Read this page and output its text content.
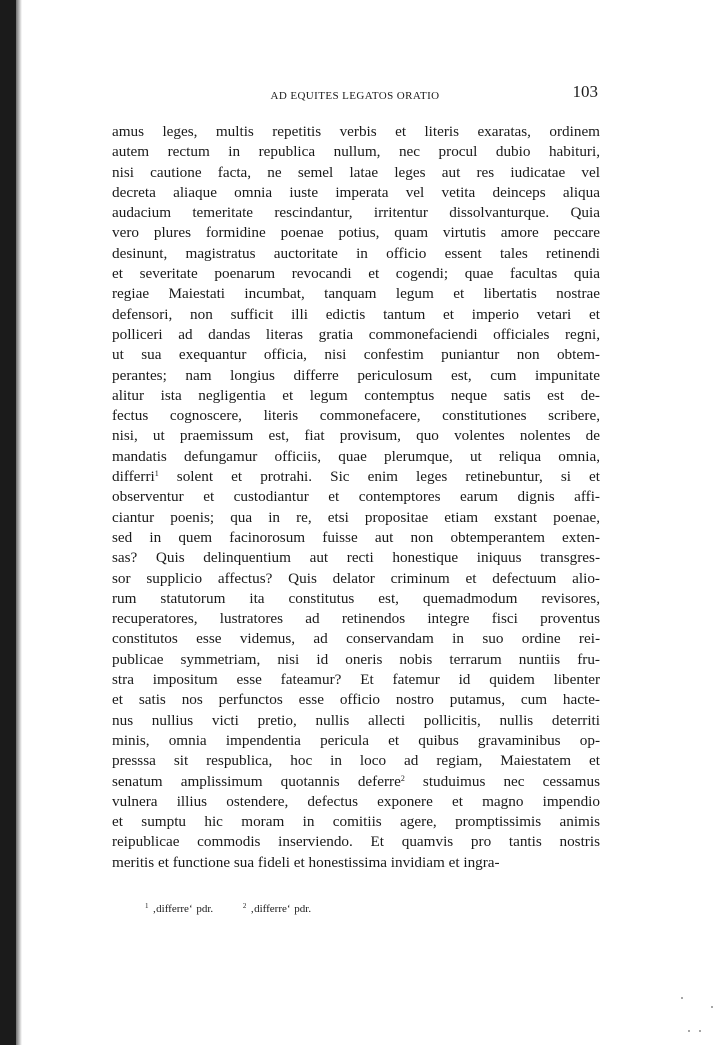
AD EQUITES LEGATOS ORATIO	103
amus leges, multis repetitis verbis et literis exaratas, ordinem
autem rectum in republica nullum, nec procul dubio habituri,
nisi cautione facta, ne semel latae leges aut res iudicatae vel
decreta aliaque omnia iuste imperata vel vetita deinceps aliqua
audacium temeritate rescindantur, irritentur dissolvanturque. Quia
vero plures formidine poenae potius, quam virtutis amore peccare
desinunt, magistratus auctoritate in officio essent tales retinendi
et severitate poenarum revocandi et cogendi; quae facultas quia
regiae Maiestati incumbat, tanquam legum et libertatis nostrae
defensori, non sufficit illi edictis tantum et imperio vetari et
polliceri ad dandas literas gratia commonefaciendi officiales regni,
ut sua exequantur officia, nisi confestim puniantur non obtem-
perantes; nam longius differre periculosum est, cum impunitate
alitur ista negligentia et legum contemptus neque satis est de-
fectus cognoscere, literis commonefacere, constitutiones scribere,
nisi, ut praemissum est, fiat provisum, quo volentes nolentes de
mandatis defungamur officiis, quae plerumque, ut reliqua omnia,
differri$^1$ solent et protrahi. Sic enim leges retinebuntur, si et
observentur et custodiantur et contemptores earum dignis affi-
ciantur poenis; qua in re, etsi propositae etiam exstant poenae,
sed in quem facinorosum fuisse aut non obtemperantem exten-
sas? Quis delinquentium aut recti honestique iniquus transgres-
sor supplicio affectus? Quis delator criminum et defectuum alio-
rum statutorum ita constitutus est, quemadmodum revisores,
recuperatores, lustratores ad retinendos integre fisci proventus
constitutos esse videmus, ad conservandam in suo ordine rei-
publicae symmetriam, nisi id oneris nobis terrarum nuntiis fru-
stra impositum esse fateamur? Et fatemur id quidem libenter
et satis nos perfunctos esse officio nostro putamus, cum hacte-
nus nullius victi pretio, nullis allecti pollicitis, nullis deterriti
minis, omnia impendentia pericula et quibus gravaminibus op-
presssa sit respublica, hoc in loco ad regiam, Maiestatem et
senatum amplissimum quotannis deferre$^2$ studuimus nec cessamus
vulnera illius ostendere, defectus exponere et magno impendio
et sumptu hic moram in comitiis agere, promptissimis animis
reipublicae commodis inserviendo. Et quamvis pro tantis nostris
meritis et functione sua fideli et honestissima invidiam et ingra-
$^1$ ‚differre‘ pdr.	$^2$ ‚differre‘ pdr.
